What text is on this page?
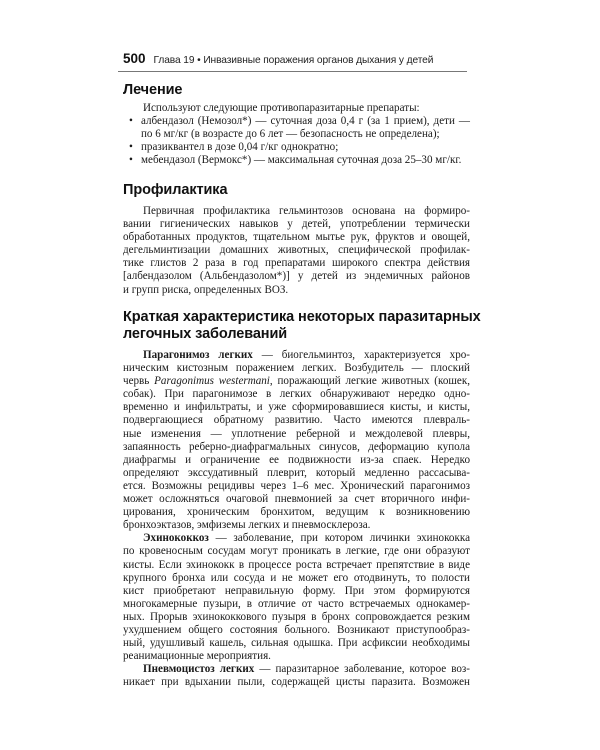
500 Глава 19 • Инвазивные поражения органов дыхания у детей
Лечение

Используют следующие противопаразитарные препараты:

• албендазол (Немозол*) — суточная доза 0,4 г (за 1 прием), дети —
по 6 мг/кг (в возрасте до 6 лет — безопасность не определена);
• празиквантел в дозе 0,04 г/кг однократно;
• мебендазол (Вермокс*) — максимальная суточная доза 25–30 мг/кг.
Профилактика
Первичная профилактика гельминтозов основана на формиро-
вании гигиенических навыков у детей, употреблении термически
обработанных продуктов, тщательном мытье рук, фруктов и овощей,
дегельминтизации домашних животных, специфической профилак-
тике глистов 2 раза в год препаратами широкого спектра действия
[албендазолом (Альбендазолом*)] у детей из эндемичных районов
и групп риска, определенных ВОЗ.
Краткая характеристика некоторых паразитарных
легочных заболеваний
Парагонимоз легких — биогельминтоз, характеризуется хро-
ническим кистозным поражением легких. Возбудитель — плоский
червь Paragonimus westermani, поражающий легкие животных (кошек,
собак). При парагонимозе в легких обнаруживают нередко одно-
временно и инфильтраты, и уже сформировавшиеся кисты, и кисты,
подвергающиеся обратному развитию. Часто имеются плевраль-
ные изменения — уплотнение реберной и междолевой плевры,
запаянность реберно-диафрагмальных синусов, деформацию купола
диафрагмы и ограничение ее подвижности из-за спаек. Нередко
определяют экссудативный плеврит, который медленно рассасыва-
ется. Возможны рецидивы через 1–6 мес. Хронический парагонимоз
может осложняться очаговой пневмонией за счет вторичного инфи-
цирования, хроническим бронхитом, ведущим к возникновению
бронхоэктазов, эмфиземы легких и пневмосклероза.
Эхинококкоз — заболевание, при котором личинки эхинококка
по кровеносным сосудам могут проникать в легкие, где они образуют
кисты. Если эхинококк в процессе роста встречает препятствие в виде
крупного бронха или сосуда и не может его отодвинуть, то полости
кист приобретают неправильную форму. При этом формируются
многокамерные пузыри, в отличие от часто встречаемых однокамер-
ных. Прорыв эхинококкового пузыря в бронх сопровождается резким
ухудшением общего состояния больного. Возникают приступообраз-
ный, удушливый кашель, сильная одышка. При асфиксии необходимы
реанимационные мероприятия.
Пневмоцистоз легких — паразитарное заболевание, которое воз-
никает при вдыхании пыли, содержащей цисты паразита. Возможен
